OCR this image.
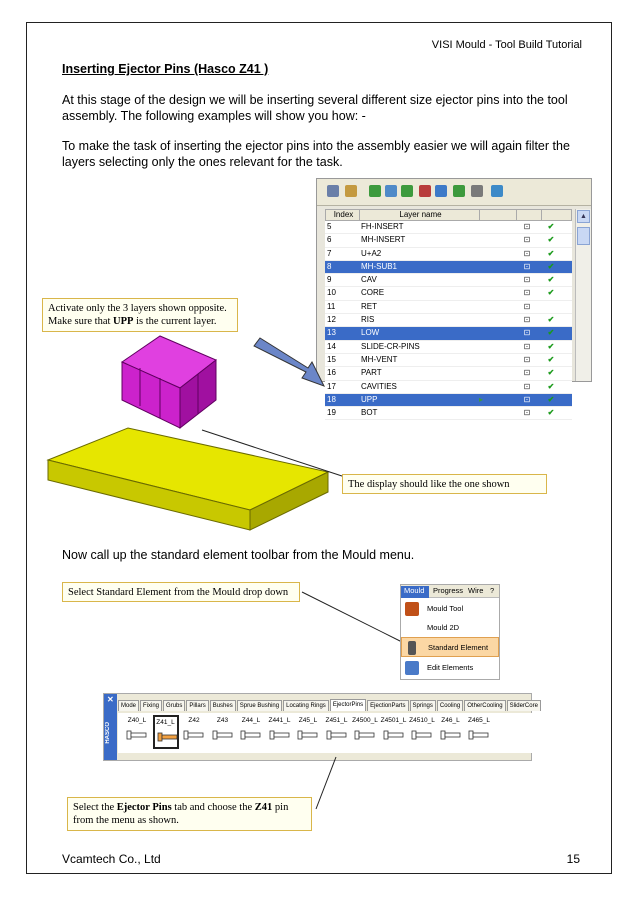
VISI Mould - Tool Build Tutorial
Inserting Ejector Pins (Hasco Z41 )
At this stage of the design we will be inserting several different size ejector pins into the tool assembly. The following examples will show you how: -
To make the task of inserting the ejector pins into the assembly easier we will again filter the layers selecting only the ones relevant for the task.
Index	Layer name
5	FH-INSERT	⊡	✔
6	MH-INSERT	⊡	✔
7	U+A2	⊡	✔
8	MH-SUB1	⊡	✔
9	CAV	⊡	✔
10	CORE	⊡	✔
11	RET	⊡
12	RIS	⊡	✔
13	LOW	⊡	✔
14	SLIDE-CR-PINS	⊡	✔
15	MH-VENT	⊡	✔
16	PART	⊡	✔
17	CAVITIES	⊡	✔
18	UPP	▸	⊡	✔
19	BOT	⊡	✔
▲
Activate only the 3 layers shown opposite.
Make sure that UPP is the current layer.
The display should like the one shown
Now call up the standard element toolbar from the Mould menu.
Select Standard Element from the Mould drop down	Mould	Progress Wire ?
Mould Tool
Mould 2D
Standard Element
Edit Elements
✕
HASCO
Mode	Fixing	Grubs	Pillars	Bushes	Sprue Bushing	Locating Rings	EjectorPins	EjectionParts	Springs	Cooling	OtherCooling	SliderCore
Z40_L	Z41_L	Z42	Z43	Z44_L	Z441_L	Z45_L	Z451_L Z4500_L Z4501_L Z4510_L Z46_L	Z465_L
Select the Ejector Pins tab and choose the Z41 pin from the menu as shown.
Vcamtech Co., Ltd	15
